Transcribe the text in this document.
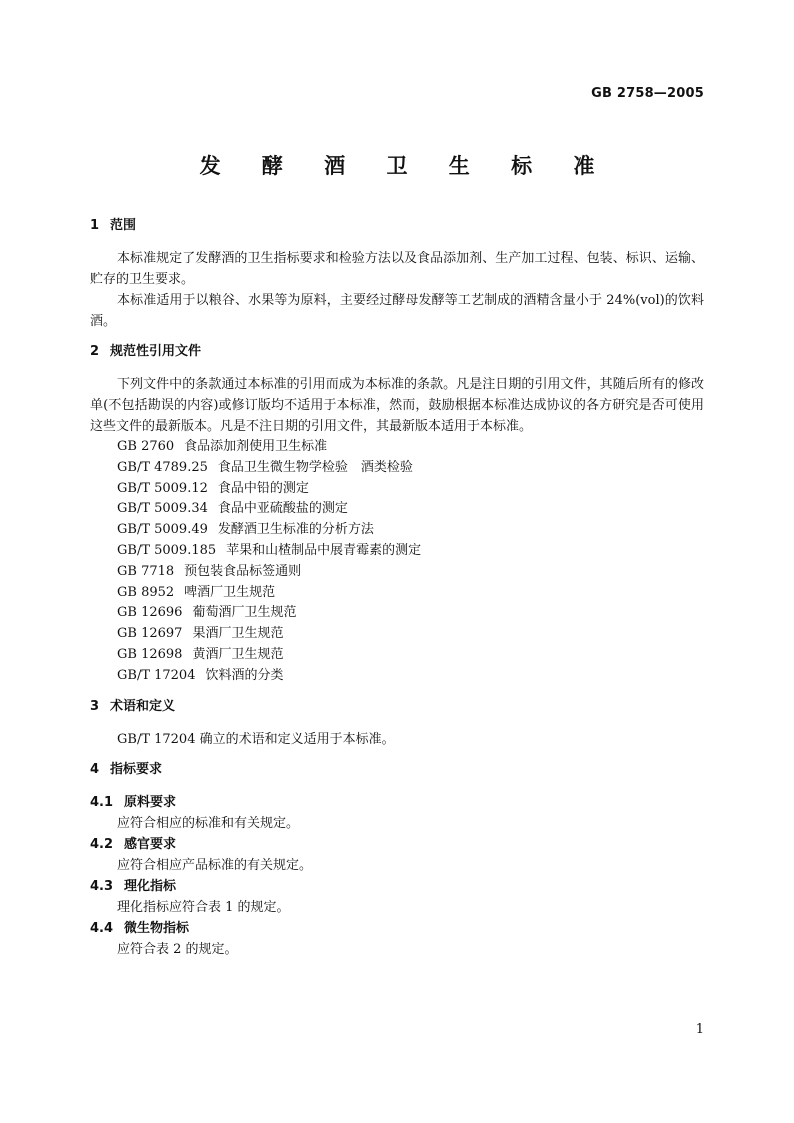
GB 2758—2005
发 酵 酒 卫 生 标 准
1 范围
本标准规定了发酵酒的卫生指标要求和检验方法以及食品添加剂、生产加工过程、包装、标识、运输、贮存的卫生要求。
本标准适用于以粮谷、水果等为原料，主要经过酵母发酵等工艺制成的酒精含量小于 24%(vol)的饮料酒。
2 规范性引用文件
下列文件中的条款通过本标准的引用而成为本标准的条款。凡是注日期的引用文件，其随后所有的修改单(不包括勘误的内容)或修订版均不适用于本标准，然而，鼓励根据本标准达成协议的各方研究是否可使用这些文件的最新版本。凡是不注日期的引用文件，其最新版本适用于本标准。
GB 2760 食品添加剂使用卫生标准
GB/T 4789.25 食品卫生微生物学检验　酒类检验
GB/T 5009.12 食品中铅的测定
GB/T 5009.34 食品中亚硫酸盐的测定
GB/T 5009.49 发酵酒卫生标准的分析方法
GB/T 5009.185 苹果和山楂制品中展青霉素的测定
GB 7718 预包装食品标签通则
GB 8952 啤酒厂卫生规范
GB 12696 葡萄酒厂卫生规范
GB 12697 果酒厂卫生规范
GB 12698 黄酒厂卫生规范
GB/T 17204 饮料酒的分类
3 术语和定义
GB/T 17204 确立的术语和定义适用于本标准。
4 指标要求
4.1 原料要求
应符合相应的标准和有关规定。
4.2 感官要求
应符合相应产品标准的有关规定。
4.3 理化指标
理化指标应符合表 1 的规定。
4.4 微生物指标
应符合表 2 的规定。
1
